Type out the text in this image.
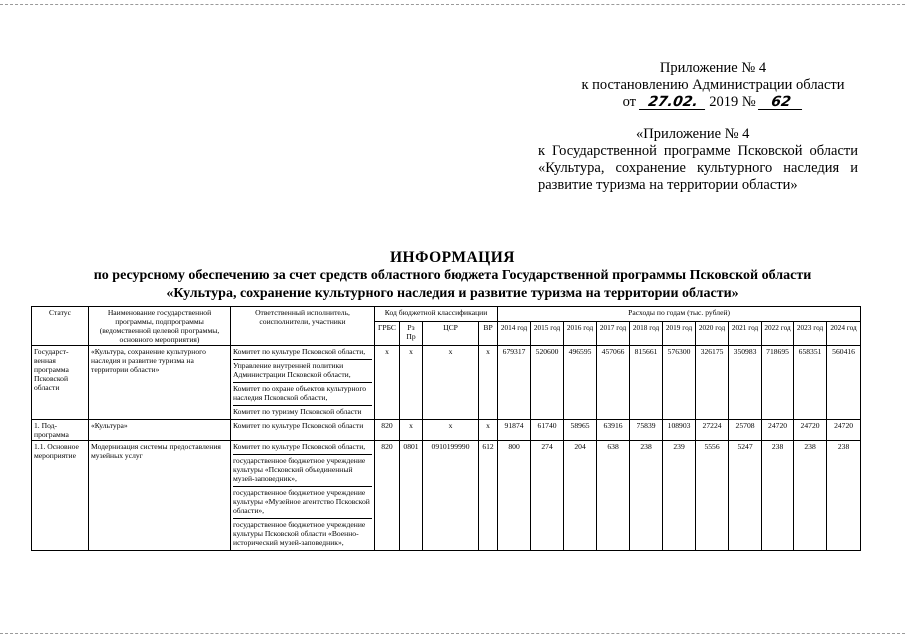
Приложение № 4
к постановлению Администрации области
от 27.02. 2019 № 62
«Приложение № 4
к Государственной программе Псковской области «Культура, сохранение культурного наследия и развитие туризма на территории области»
ИНФОРМАЦИЯ
по ресурсному обеспечению за счет средств областного бюджета Государственной программы Псковской области
«Культура, сохранение культурного наследия и развитие туризма на территории области»
Статус	Наименование государственной программы, подпрограммы (ведомственной целевой программы, основного мероприятия)	Ответственный исполнитель, соисполнители, участники	Код бюджетной классификации				Расходы по годам (тыс. рублей)										
			ГРБС	Рз Пр	ЦСР	ВР	2014 год	2015 год	2016 год	2017 год	2018 год	2019 год	2020 год	2021 год	2022 год	2023 год	2024 год
Государст-венная программа Псковской области	«Культура, сохранение культурного наследия и развитие туризма на территории области»	Комитет по культуре Псковской области,
Управление внутренней политики Администрации Псковской области,
Комитет по охране объектов культурного наследия Псковской области,
Комитет по туризму Псковской области	x	x	x	x	679317	520600	496595	457066	815661	576300	326175	350983	718695	658351	560416
1. Под-программа	«Культура»	Комитет по культуре Псковской области	820	x	x	x	91874	61740	58965	63916	75839	108903	27224	25708	24720	24720	24720
1.1. Основное мероприятие	Модернизация системы предоставления музейных услуг	Комитет по культуре Псковской области,
государственное бюджетное учреждение культуры «Псковский объединенный музей-заповедник»,
государственное бюджетное учреждение культуры «Музейное агентство Псковской области»,
государственное бюджетное учреждение культуры Псковской области «Военно-исторический музей-заповедник»,	820	0801	0910199990	612	800	274	204	638	238	239	5556	5247	238	238	238
